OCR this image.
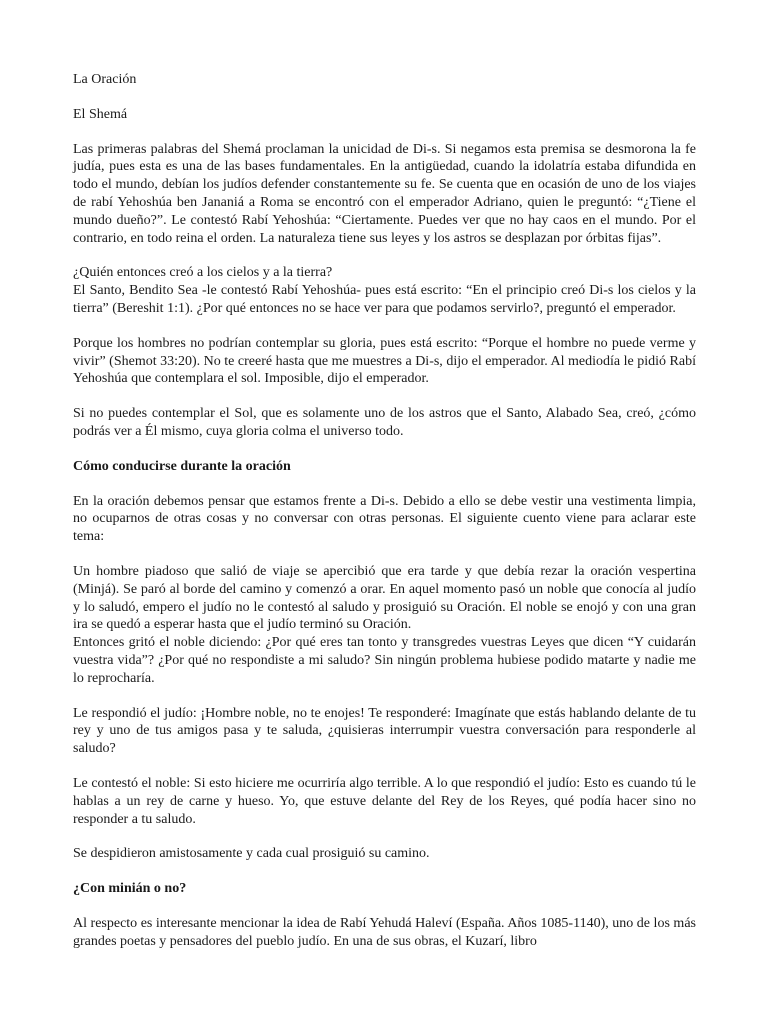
La Oración

El Shemá

Las primeras palabras del Shemá proclaman la unicidad de Di-s. Si negamos esta premisa se desmorona la fe judía, pues esta es una de las bases fundamentales. En la antigüedad, cuando la idolatría estaba difundida en todo el mundo, debían los judíos defender constantemente su fe. Se cuenta que en ocasión de uno de los viajes de rabí Yehoshúa ben Jananiá a Roma se encontró con el emperador Adriano, quien le preguntó: “¿Tiene el mundo dueño?”. Le contestó Rabí Yehoshúa: “Ciertamente. Puedes ver que no hay caos en el mundo. Por el contrario, en todo reina el orden. La naturaleza tiene sus leyes y los astros se desplazan por órbitas fijas”.

¿Quién entonces creó a los cielos y a la tierra?
El Santo, Bendito Sea -le contestó Rabí Yehoshúa- pues está escrito: “En el principio creó Di-s los cielos y la tierra” (Bereshit 1:1). ¿Por qué entonces no se hace ver para que podamos servirlo?, preguntó el emperador.

Porque los hombres no podrían contemplar su gloria, pues está escrito: “Porque el hombre no puede verme y vivir” (Shemot 33:20). No te creeré hasta que me muestres a Di-s, dijo el emperador. Al mediodía le pidió Rabí Yehoshúa que contemplara el sol. Imposible, dijo el emperador.

Si no puedes contemplar el Sol, que es solamente uno de los astros que el Santo, Alabado Sea, creó, ¿cómo podrás ver a Él mismo, cuya gloria colma el universo todo.

Cómo conducirse durante la oración

En la oración debemos pensar que estamos frente a Di-s. Debido a ello se debe vestir una vestimenta limpia, no ocuparnos de otras cosas y no conversar con otras personas. El siguiente cuento viene para aclarar este tema:

Un hombre piadoso que salió de viaje se apercibió que era tarde y que debía rezar la oración vespertina (Minjá). Se paró al borde del camino y comenzó a orar. En aquel momento pasó un noble que conocía al judío y lo saludó, empero el judío no le contestó al saludo y prosiguió su Oración. El noble se enojó y con una gran ira se quedó a esperar hasta que el judío terminó su Oración.
Entonces gritó el noble diciendo: ¿Por qué eres tan tonto y transgredes vuestras Leyes que dicen “Y cuidarán vuestra vida”? ¿Por qué no respondiste a mi saludo? Sin ningún problema hubiese podido matarte y nadie me lo reprocharía.

Le respondió el judío: ¡Hombre noble, no te enojes! Te responderé: Imagínate que estás hablando delante de tu rey y uno de tus amigos pasa y te saluda, ¿quisieras interrumpir vuestra conversación para responderle al saludo?

Le contestó el noble: Si esto hiciere me ocurriría algo terrible. A lo que respondió el judío: Esto es cuando tú le hablas a un rey de carne y hueso. Yo, que estuve delante del Rey de los Reyes, qué podía hacer sino no responder a tu saludo.

Se despidieron amistosamente y cada cual prosiguió su camino.

¿Con minián o no?

Al respecto es interesante mencionar la idea de Rabí Yehudá Haleví (España. Años 1085-1140), uno de los más grandes poetas y pensadores del pueblo judío. En una de sus obras, el Kuzarí, libro
